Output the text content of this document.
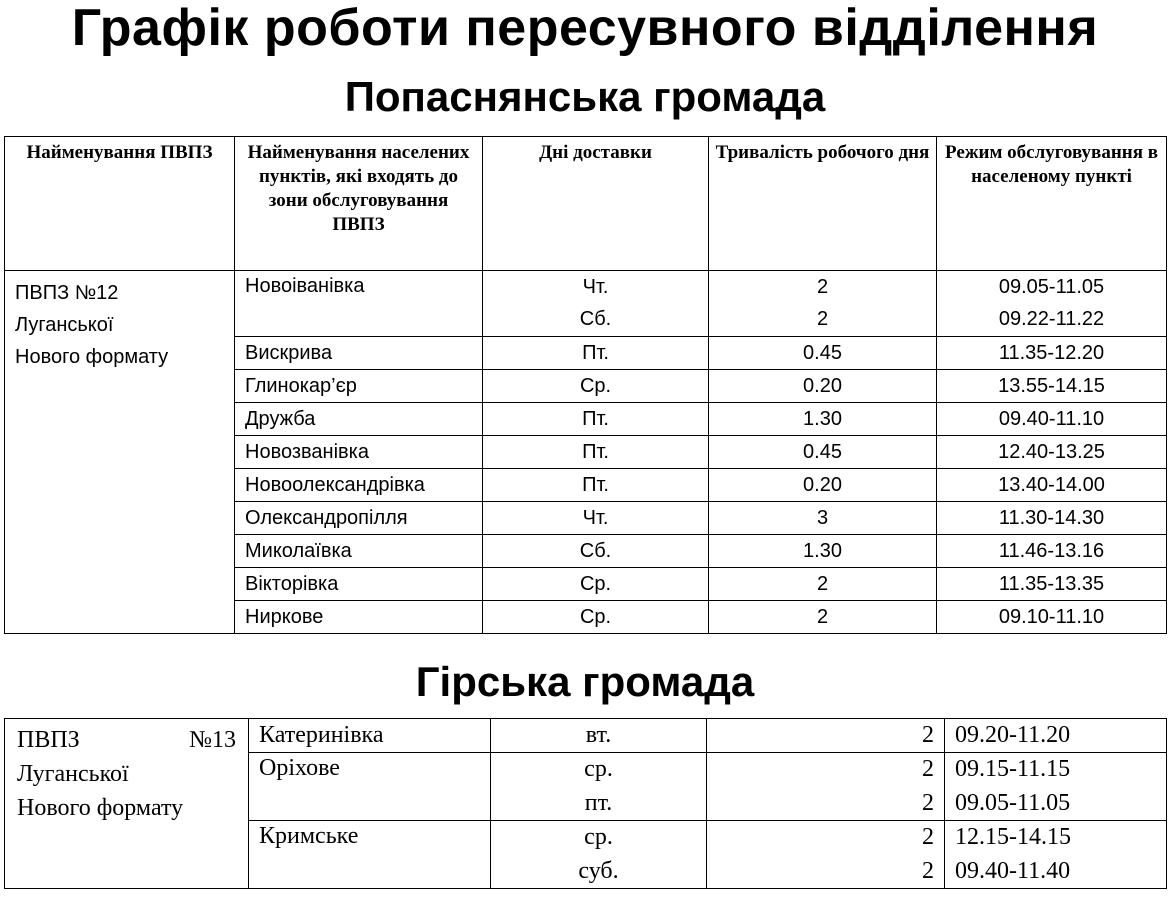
Графік роботи пересувного відділення
Попаснянська громада
Найменування ПВПЗ	Найменування населених пунктів, які входять до зони обслуговування ПВПЗ	Дні доставки	Тривалість робочого дня	Режим обслуговування в населеному пункті

ПВПЗ №12
Луганської
Нового формату	Новоіванівка	Чт.	2	09.05-11.05
		Сб.	2	09.22-11.22
	Вискрива	Пт.	0.45	11.35-12.20
	Глинокар’єр	Ср.	0.20	13.55-14.15
	Дружба	Пт.	1.30	09.40-11.10
	Новозванівка	Пт.	0.45	12.40-13.25
	Новоолександрівка	Пт.	0.20	13.40-14.00
	Олександропілля	Чт.	3	11.30-14.30
	Миколаївка	Сб.	1.30	11.46-13.16
	Вікторівка	Ср.	2	11.35-13.35
	Ниркове	Ср.	2	09.10-11.10
Гірська громада
ПВПЗ №13
Луганської
Нового формату	Катеринівка	вт.	2	09.20-11.20
	Оріхове	ср.	2	09.15-11.15
		пт.	2	09.05-11.05
	Кримське	ср.	2	12.15-14.15
		суб.	2	09.40-11.40
